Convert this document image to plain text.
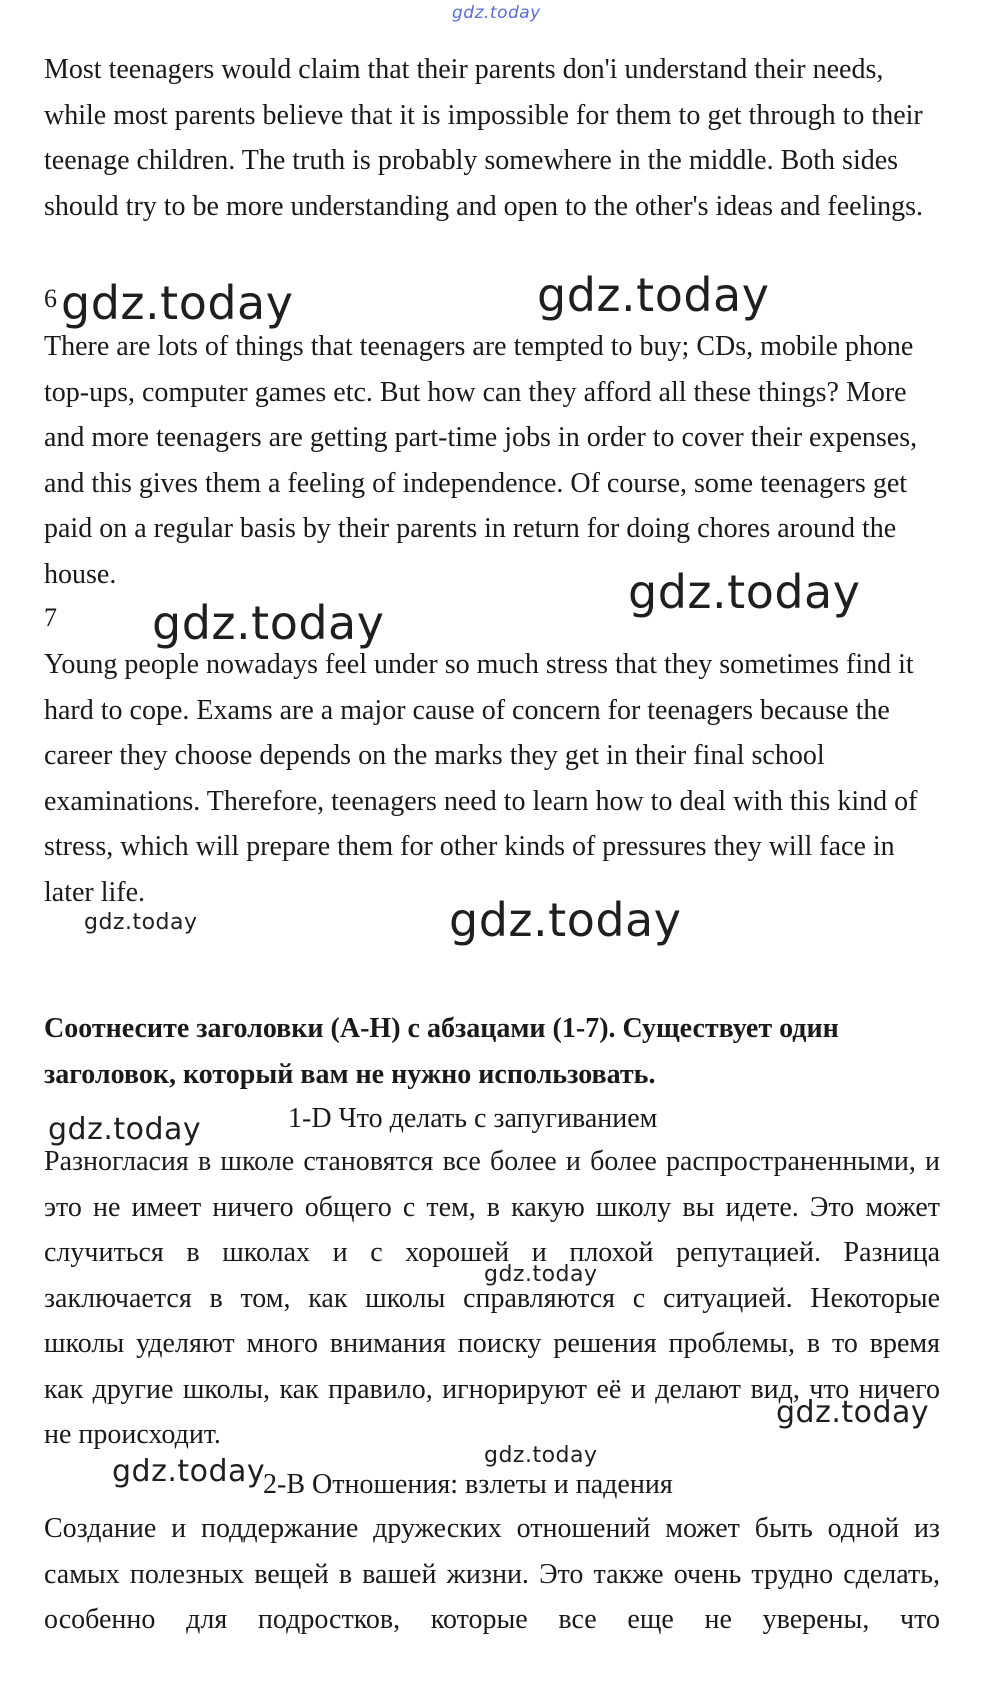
gdz.today

Most teenagers would claim that their parents don'i understand their needs, while most parents believe that it is impossible for them to get through to their teenage children. The truth is probably somewhere in the middle. Both sides should try to be more understanding and open to the other's ideas and feelings.

6 gdz.today	gdz.today

There are lots of things that teenagers are tempted to buy; CDs, mobile phone top-ups, computer games etc. But how can they afford all these things? More and more teenagers are getting part-time jobs in order to cover their expenses, and this gives them a feeling of independence. Of course, some teenagers get paid on a regular basis by their parents in return for doing chores around the house.	gdz.today
7 gdz.today

Young people nowadays feel under so much stress that they sometimes find it hard to cope. Exams are a major cause of concern for teenagers because the career they choose depends on the marks they get in their final school examinations. Therefore, teenagers need to learn how to deal with this kind of stress, which will prepare them for other kinds of pressures they will face in later life.

gdz.today	gdz.today

Соотнесите заголовки (A-H) с абзацами (1-7). Существует один заголовок, который вам не нужно использовать.

gdz.today	1-D Что делать с запугиванием

Разногласия в школе становятся все более и более распространенными, и это не имеет ничего общего с тем, в какую школу вы идете. Это может случиться в школах и с хорошей и плохой репутацией. Разница заключается в том, как школы справляются с ситуацией. Некоторые школы уделяют много внимания поиску решения проблемы, в то время как другие школы, как правило, игнорируют её и делают вид, что ничего не происходит.

gdz.today
gdz.today
gdz.today
gdz.today
2-B Отношения: взлеты и падения

Создание и поддержание дружеских отношений может быть одной из самых полезных вещей в вашей жизни. Это также очень трудно сделать, особенно для подростков, которые все еще не уверены, что
